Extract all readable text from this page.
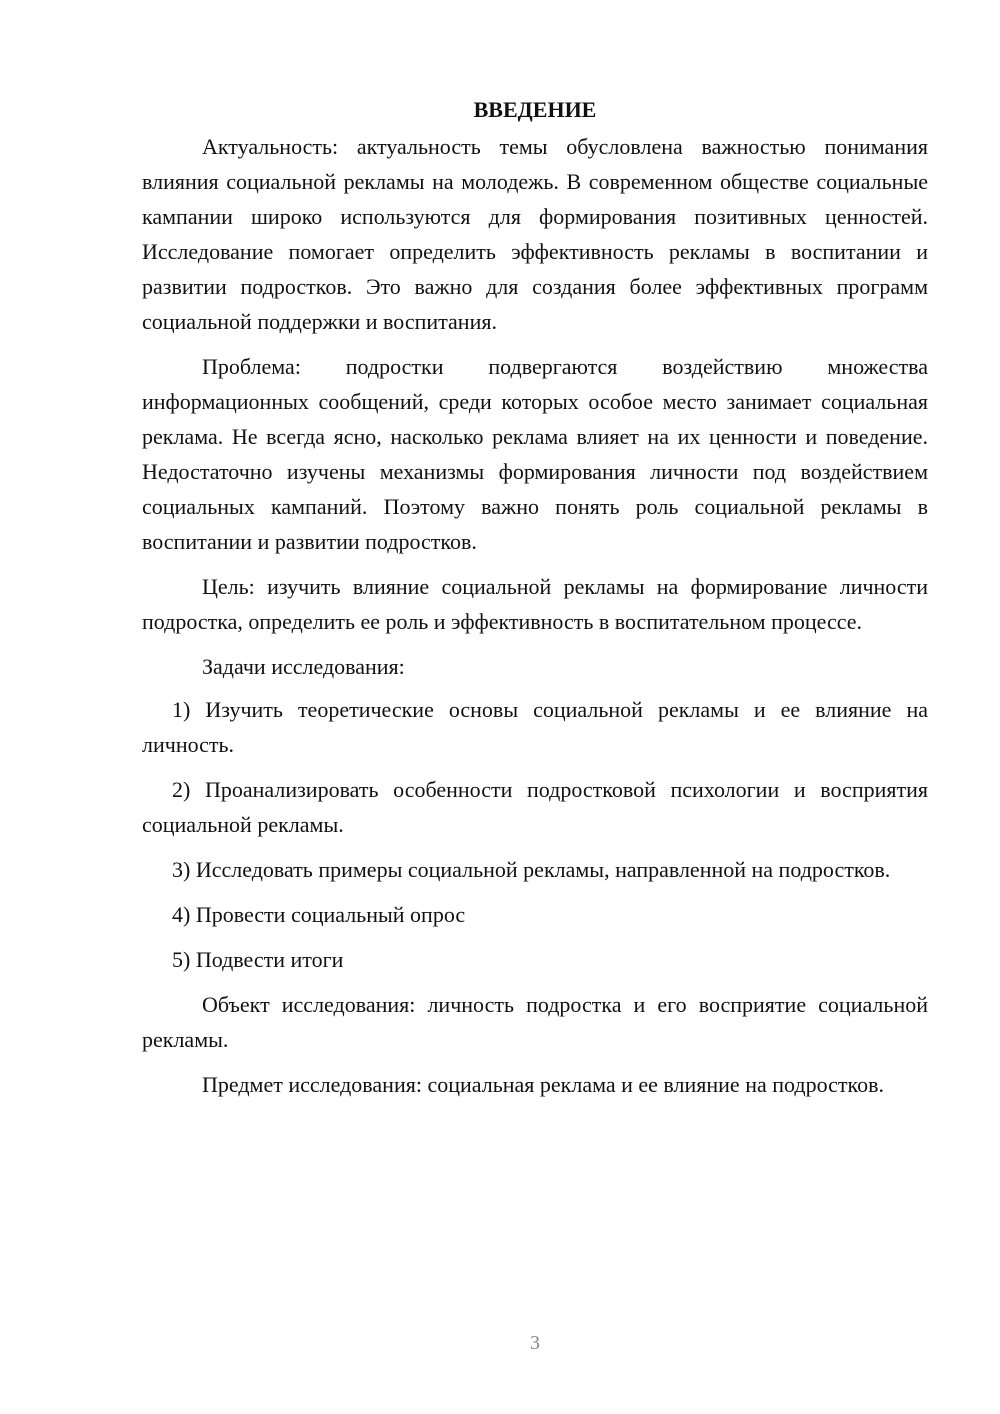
ВВЕДЕНИЕ

Актуальность: актуальность темы обусловлена важностью понимания влияния социальной рекламы на молодежь. В современном обществе социальные кампании широко используются для формирования позитивных ценностей. Исследование помогает определить эффективность рекламы в воспитании и развитии подростков. Это важно для создания более эффективных программ социальной поддержки и воспитания.

Проблема: подростки подвергаются воздействию множества информационных сообщений, среди которых особое место занимает социальная реклама. Не всегда ясно, насколько реклама влияет на их ценности и поведение. Недостаточно изучены механизмы формирования личности под воздействием социальных кампаний. Поэтому важно понять роль социальной рекламы в воспитании и развитии подростков.

Цель: изучить влияние социальной рекламы на формирование личности подростка, определить ее роль и эффективность в воспитательном процессе.

Задачи исследования:

1) Изучить теоретические основы социальной рекламы и ее влияние на личность.

2) Проанализировать особенности подростковой психологии и восприятия социальной рекламы.

3) Исследовать примеры социальной рекламы, направленной на подростков.

4) Провести социальный опрос

5) Подвести итоги

Объект исследования: личность подростка и его восприятие социальной рекламы.

Предмет исследования: социальная реклама и ее влияние на подростков.

3
